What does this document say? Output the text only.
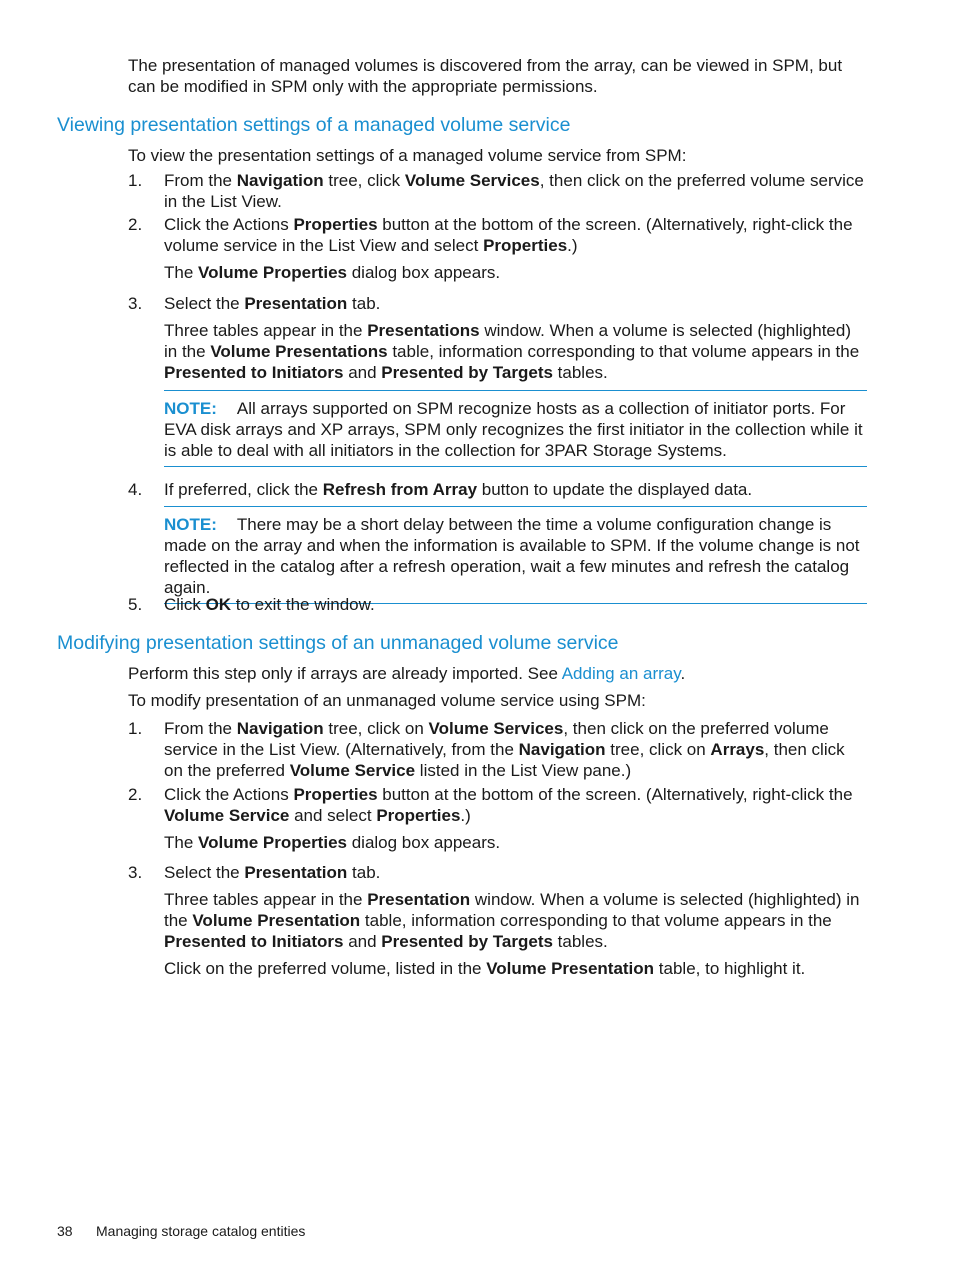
The presentation of managed volumes is discovered from the array, can be viewed in SPM, but can be modified in SPM only with the appropriate permissions.

Viewing presentation settings of a managed volume service

To view the presentation settings of a managed volume service from SPM:

1. From the Navigation tree, click Volume Services, then click on the preferred volume service in the List View.

2. Click the Actions Properties button at the bottom of the screen. (Alternatively, right-click the volume service in the List View and select Properties.)

The Volume Properties dialog box appears.

3. Select the Presentation tab.

Three tables appear in the Presentations window. When a volume is selected (highlighted) in the Volume Presentations table, information corresponding to that volume appears in the Presented to Initiators and Presented by Targets tables.

NOTE: All arrays supported on SPM recognize hosts as a collection of initiator ports. For EVA disk arrays and XP arrays, SPM only recognizes the first initiator in the collection while it is able to deal with all initiators in the collection for 3PAR Storage Systems.

4. If preferred, click the Refresh from Array button to update the displayed data.

NOTE: There may be a short delay between the time a volume configuration change is made on the array and when the information is available to SPM. If the volume change is not reflected in the catalog after a refresh operation, wait a few minutes and refresh the catalog again.

5. Click OK to exit the window.

Modifying presentation settings of an unmanaged volume service

Perform this step only if arrays are already imported. See Adding an array.

To modify presentation of an unmanaged volume service using SPM:

1. From the Navigation tree, click on Volume Services, then click on the preferred volume service in the List View. (Alternatively, from the Navigation tree, click on Arrays, then click on the preferred Volume Service listed in the List View pane.)

2. Click the Actions Properties button at the bottom of the screen. (Alternatively, right-click the Volume Service and select Properties.)

The Volume Properties dialog box appears.

3. Select the Presentation tab.

Three tables appear in the Presentation window. When a volume is selected (highlighted) in the Volume Presentation table, information corresponding to that volume appears in the Presented to Initiators and Presented by Targets tables.

Click on the preferred volume, listed in the Volume Presentation table, to highlight it.

38 Managing storage catalog entities
